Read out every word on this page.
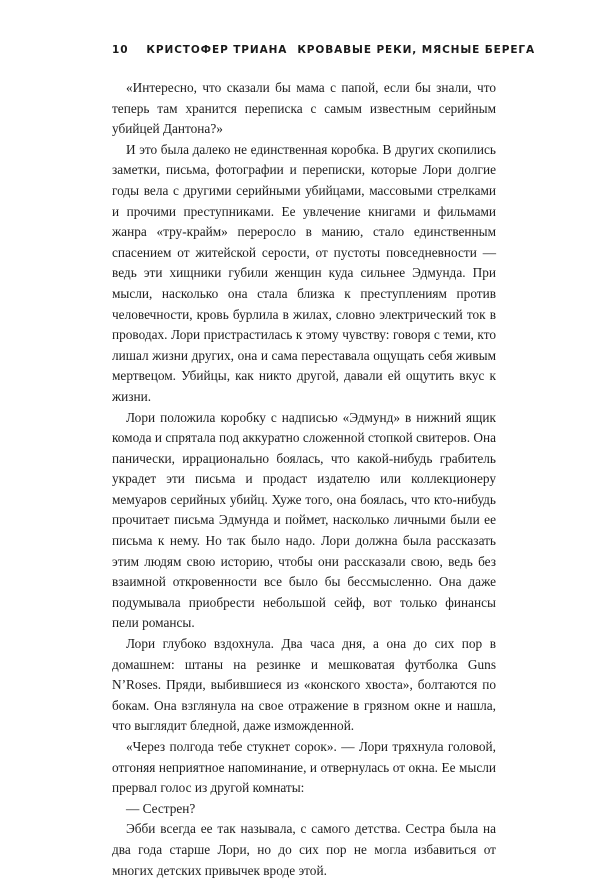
10 КРИСТОФЕР ТРИАНА КРОВАВЫЕ РЕКИ, МЯСНЫЕ БЕРЕГА

«Интересно, что сказали бы мама с папой, если бы знали, что теперь там хранится переписка с самым известным серийным убийцей Дантона?»

И это была далеко не единственная коробка. В других скопились заметки, письма, фотографии и переписки, которые Лори долгие годы вела с другими серийными убийцами, массовыми стрелками и прочими преступниками. Ее увлечение книгами и фильмами жанра «тру-крайм» переросло в манию, стало единственным спасением от житейской серости, от пустоты повседневности — ведь эти хищники губили женщин куда сильнее Эдмунда. При мысли, насколько она стала близка к преступлениям против человечности, кровь бурлила в жилах, словно электрический ток в проводах. Лори пристрастилась к этому чувству: говоря с теми, кто лишал жизни других, она и сама переставала ощущать себя живым мертвецом. Убийцы, как никто другой, давали ей ощутить вкус к жизни.

Лори положила коробку с надписью «Эдмунд» в нижний ящик комода и спрятала под аккуратно сложенной стопкой свитеров. Она панически, иррационально боялась, что какой-нибудь грабитель украдет эти письма и продаст издателю или коллекционеру мемуаров серийных убийц. Хуже того, она боялась, что кто-нибудь прочитает письма Эдмунда и поймет, насколько личными были ее письма к нему. Но так было надо. Лори должна была рассказать этим людям свою историю, чтобы они рассказали свою, ведь без взаимной откровенности все было бы бессмысленно. Она даже подумывала приобрести небольшой сейф, вот только финансы пели романсы.

Лори глубоко вздохнула. Два часа дня, а она до сих пор в домашнем: штаны на резинке и мешковатая футболка Guns N’Roses. Пряди, выбившиеся из «конского хвоста», болтаются по бокам. Она взглянула на свое отражение в грязном окне и нашла, что выглядит бледной, даже изможденной.

«Через полгода тебе стукнет сорок». — Лори тряхнула головой, отгоняя неприятное напоминание, и отвернулась от окна. Ее мысли прервал голос из другой комнаты:

— Сестрен?

Эбби всегда ее так называла, с самого детства. Сестра была на два года старше Лори, но до сих пор не могла избавиться от многих детских привычек вроде этой.
